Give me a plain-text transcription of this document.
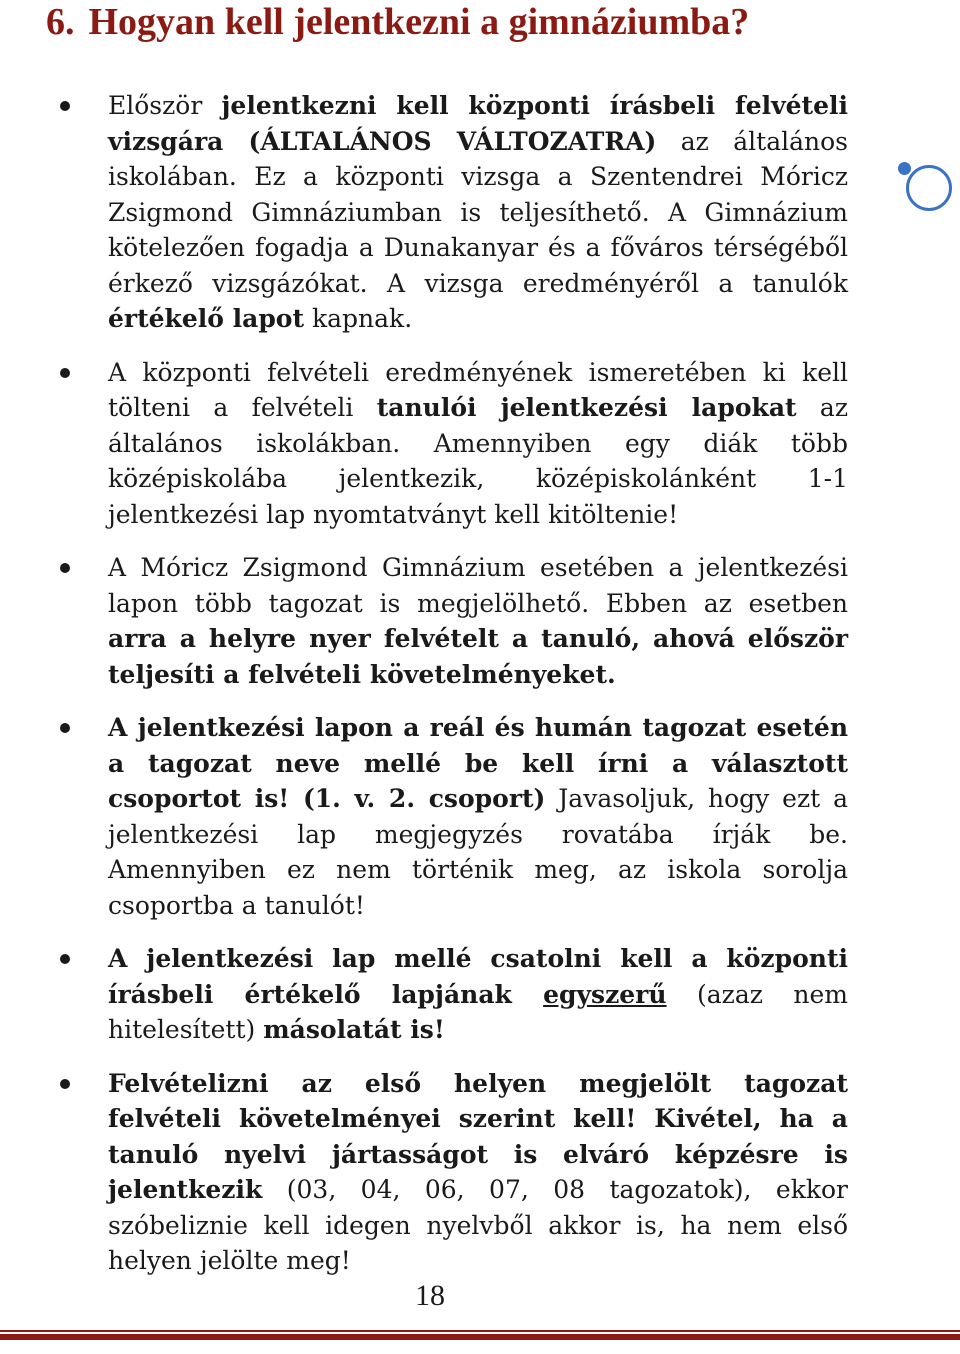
6. Hogyan kell jelentkezni a gimnáziumba?
Először jelentkezni kell központi írásbeli felvételi vizsgára (ÁLTALÁNOS VÁLTOZATRA) az általános iskolában. Ez a központi vizsga a Szentendrei Móricz Zsigmond Gimnáziumban is teljesíthető. A Gimnázium kötelezően fogadja a Dunakanyar és a főváros térségéből érkező vizsgázókat. A vizsga eredményéről a tanulók értékelő lapot kapnak.
A központi felvételi eredményének ismeretében ki kell tölteni a felvételi tanulói jelentkezési lapokat az általános iskolákban. Amennyiben egy diák több középiskolába jelentkezik, középiskolánként 1-1 jelentkezési lap nyomtatványt kell kitöltenie!
A Móricz Zsigmond Gimnázium esetében a jelentkezési lapon több tagozat is megjelölhető. Ebben az esetben arra a helyre nyer felvételt a tanuló, ahová először teljesíti a felvételi követelményeket.
A jelentkezési lapon a reál és humán tagozat esetén a tagozat neve mellé be kell írni a választott csoportot is! (1. v. 2. csoport) Javasoljuk, hogy ezt a jelentkezési lap megjegyzés rovatába írják be. Amennyiben ez nem történik meg, az iskola sorolja csoportba a tanulót!
A jelentkezési lap mellé csatolni kell a központi írásbeli értékelő lapjának egyszerű (azaz nem hitelesített) másolatát is!
Felvételizni az első helyen megjelölt tagozat felvételi követelményei szerint kell! Kivétel, ha a tanuló nyelvi jártasságot is elváró képzésre is jelentkezik (03, 04, 06, 07, 08 tagozatok), ekkor szóbeliznie kell idegen nyelvből akkor is, ha nem első helyen jelölte meg!
18
